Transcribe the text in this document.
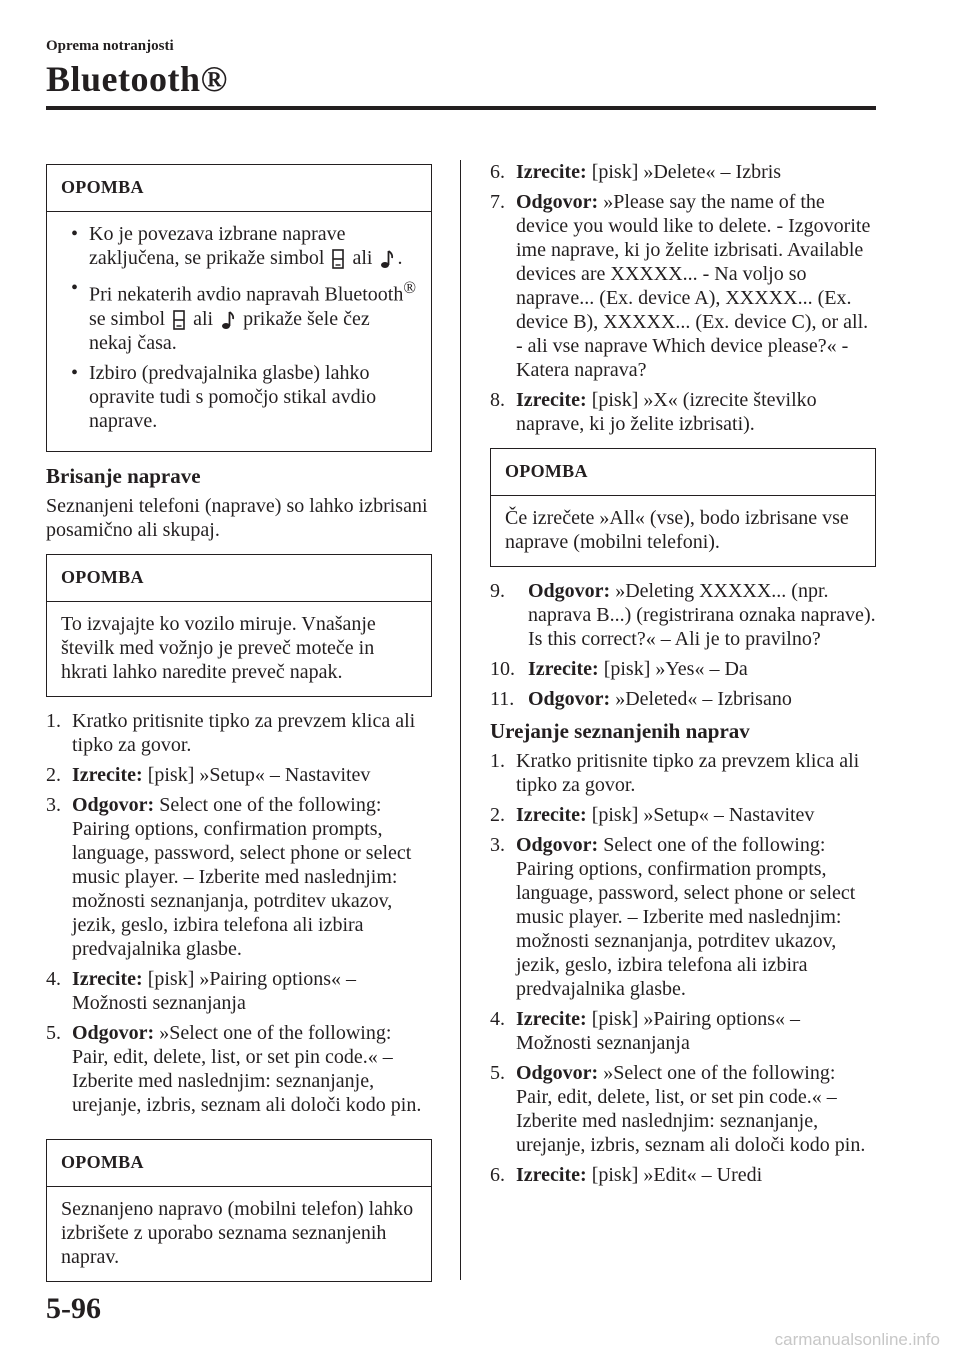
Oprema notranjosti
Bluetooth®
OPOMBA
• Ko je povezava izbrane naprave zaključena, se prikaže simbol ali .
• Pri nekaterih avdio napravah Bluetooth® se simbol ali prikaže šele čez nekaj časa.
• Izbiro (predvajalnika glasbe) lahko opravite tudi s pomočjo stikal avdio naprave.
Brisanje naprave
Seznanjeni telefoni (naprave) so lahko izbrisani posamično ali skupaj.
OPOMBA
To izvajajte ko vozilo miruje. Vnašanje številk med vožnjo je preveč moteče in hkrati lahko naredite preveč napak.
1. Kratko pritisnite tipko za prevzem klica ali tipko za govor.
2. Izrecite: [pisk] »Setup« – Nastavitev
3. Odgovor: Select one of the following: Pairing options, confirmation prompts, language, password, select phone or select music player. – Izberite med naslednjim: možnosti seznanjanja, potrditev ukazov, jezik, geslo, izbira telefona ali izbira predvajalnika glasbe.
4. Izrecite: [pisk] »Pairing options« – Možnosti seznanjanja
5. Odgovor: »Select one of the following: Pair, edit, delete, list, or set pin code.« – Izberite med naslednjim: seznanjanje, urejanje, izbris, seznam ali določi kodo pin.
OPOMBA
Seznanjeno napravo (mobilni telefon) lahko izbrišete z uporabo seznama seznanjenih naprav.
6. Izrecite: [pisk] »Delete« – Izbris
7. Odgovor: »Please say the name of the device you would like to delete. - Izgovorite ime naprave, ki jo želite izbrisati. Available devices are XXXXX... - Na voljo so naprave... (Ex. device A), XXXXX... (Ex. device B), XXXXX... (Ex. device C), or all. - ali vse naprave Which device please?« - Katera naprava?
8. Izrecite: [pisk] »X« (izrecite številko naprave, ki jo želite izbrisati).
OPOMBA
Če izrečete »All« (vse), bodo izbrisane vse naprave (mobilni telefoni).
9. Odgovor: »Deleting XXXXX... (npr. naprava B...) (registrirana oznaka naprave). Is this correct?« – Ali je to pravilno?
10. Izrecite: [pisk] »Yes« – Da
11. Odgovor: »Deleted« – Izbrisano
Urejanje seznanjenih naprav
1. Kratko pritisnite tipko za prevzem klica ali tipko za govor.
2. Izrecite: [pisk] »Setup« – Nastavitev
3. Odgovor: Select one of the following: Pairing options, confirmation prompts, language, password, select phone or select music player. – Izberite med naslednjim: možnosti seznanjanja, potrditev ukazov, jezik, geslo, izbira telefona ali izbira predvajalnika glasbe.
4. Izrecite: [pisk] »Pairing options« – Možnosti seznanjanja
5. Odgovor: »Select one of the following: Pair, edit, delete, list, or set pin code.« – Izberite med naslednjim: seznanjanje, urejanje, izbris, seznam ali določi kodo pin.
6. Izrecite: [pisk] »Edit« – Uredi
5-96
carmanualsonline.info
